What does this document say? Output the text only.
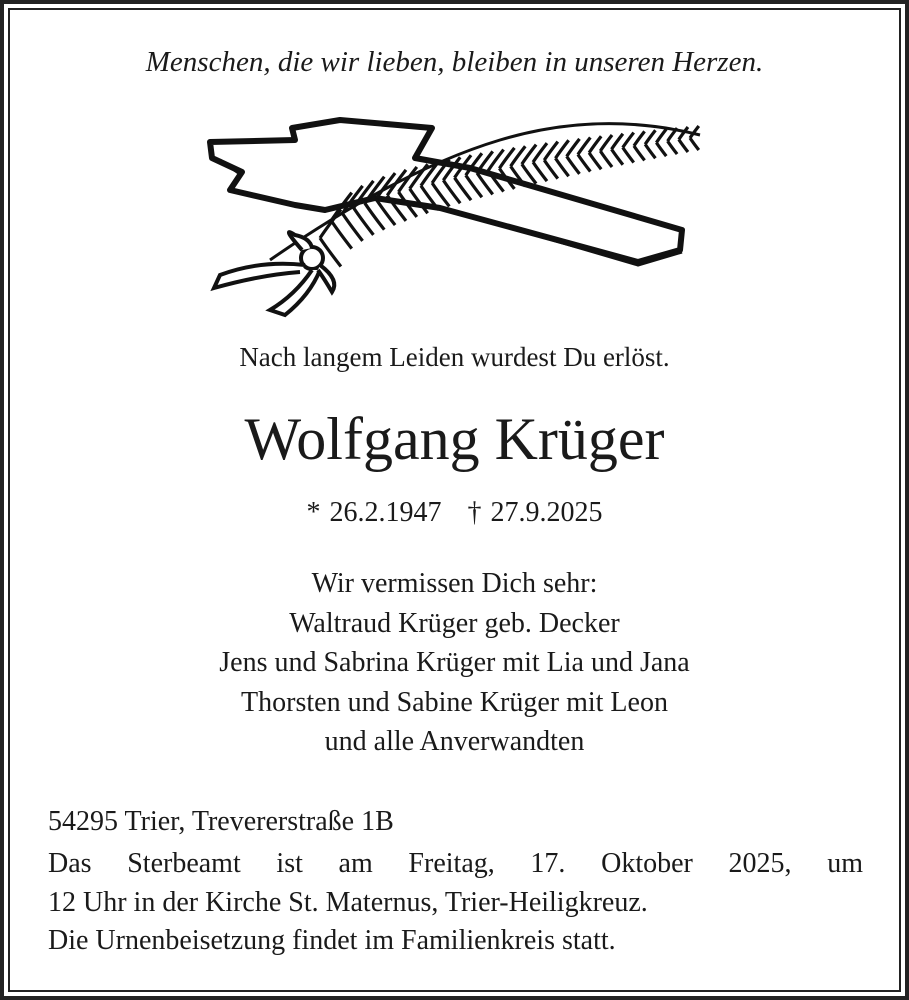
Menschen, die wir lieben, bleiben in unseren Herzen.
Nach langem Leiden wurdest Du erlöst.
Wolfgang Krüger
* 26.2.1947 † 27.9.2025
Wir vermissen Dich sehr:
Waltraud Krüger geb. Decker
Jens und Sabrina Krüger mit Lia und Jana
Thorsten und Sabine Krüger mit Leon
und alle Anverwandten
54295 Trier, Trevererstraße 1B
Das Sterbeamt ist am Freitag, 17. Oktober 2025, um
12 Uhr in der Kirche St. Maternus, Trier-Heiligkreuz.
Die Urnenbeisetzung findet im Familienkreis statt.
